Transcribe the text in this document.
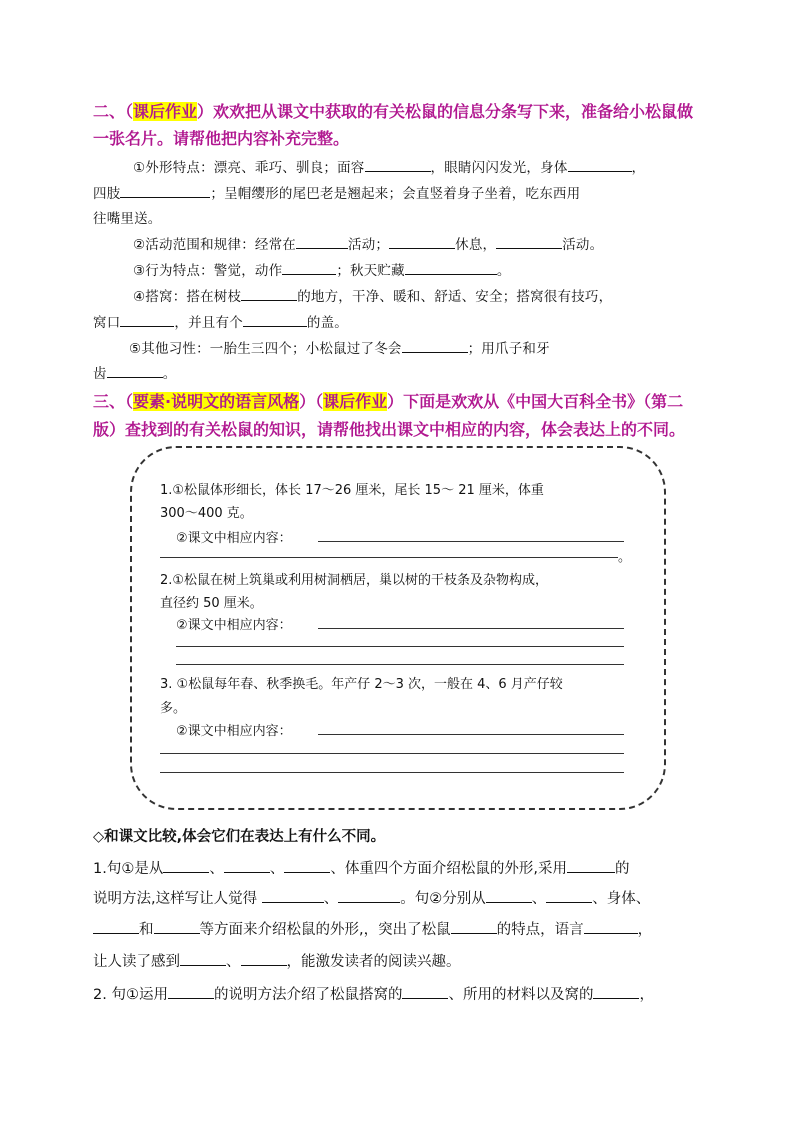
二、（课后作业）欢欢把从课文中获取的有关松鼠的信息分条写下来，准备给小松鼠做
一张名片。请帮他把内容补充完整。
①外形特点：漂亮、乖巧、驯良；面容	，眼睛闪闪发光，身体	，
四肢	；呈帽缨形的尾巴老是翘起来；会直竖着身子坐着，吃东西用
往嘴里送。
②活动范围和规律：经常在	活动；	休息，	活动。
③行为特点：警觉，动作	；秋天贮藏	。
④搭窝：搭在树枝	的地方，干净、暖和、舒适、安全；搭窝很有技巧，
窝口	，并且有个	的盖。
⑤其他习性：一胎生三四个；小松鼠过了冬会	；用爪子和牙
齿	。
三、（要素·说明文的语言风格）（课后作业）下面是欢欢从《中国大百科全书》（第二
版）查找到的有关松鼠的知识，请帮他找出课文中相应的内容，体会表达上的不同。
1.①松鼠体形细长，体长 17～26 厘米，尾长 15～ 21 厘米，体重
300～400 克。
②课文中相应内容：
。
2.①松鼠在树上筑巢或利用树洞栖居，巢以树的干枝条及杂物构成，
直径约 50 厘米。
②课文中相应内容：
3. ①松鼠每年春、秋季换毛。年产仔 2～3 次，一般在 4、6 月产仔较
多。
②课文中相应内容：
◇和课文比较,体会它们在表达上有什么不同。
1.句①是从	、	、	、体重四个方面介绍松鼠的外形,采用	的
说明方法,这样写让人觉得	、	。句②分别从	、	、身体、
和	等方面来介绍松鼠的外形,，突出了松鼠	的特点，语言	，
让人读了感到	、	，能激发读者的阅读兴趣。
2. 句①运用	的说明方法介绍了松鼠搭窝的	、所用的材料以及窝的	，
